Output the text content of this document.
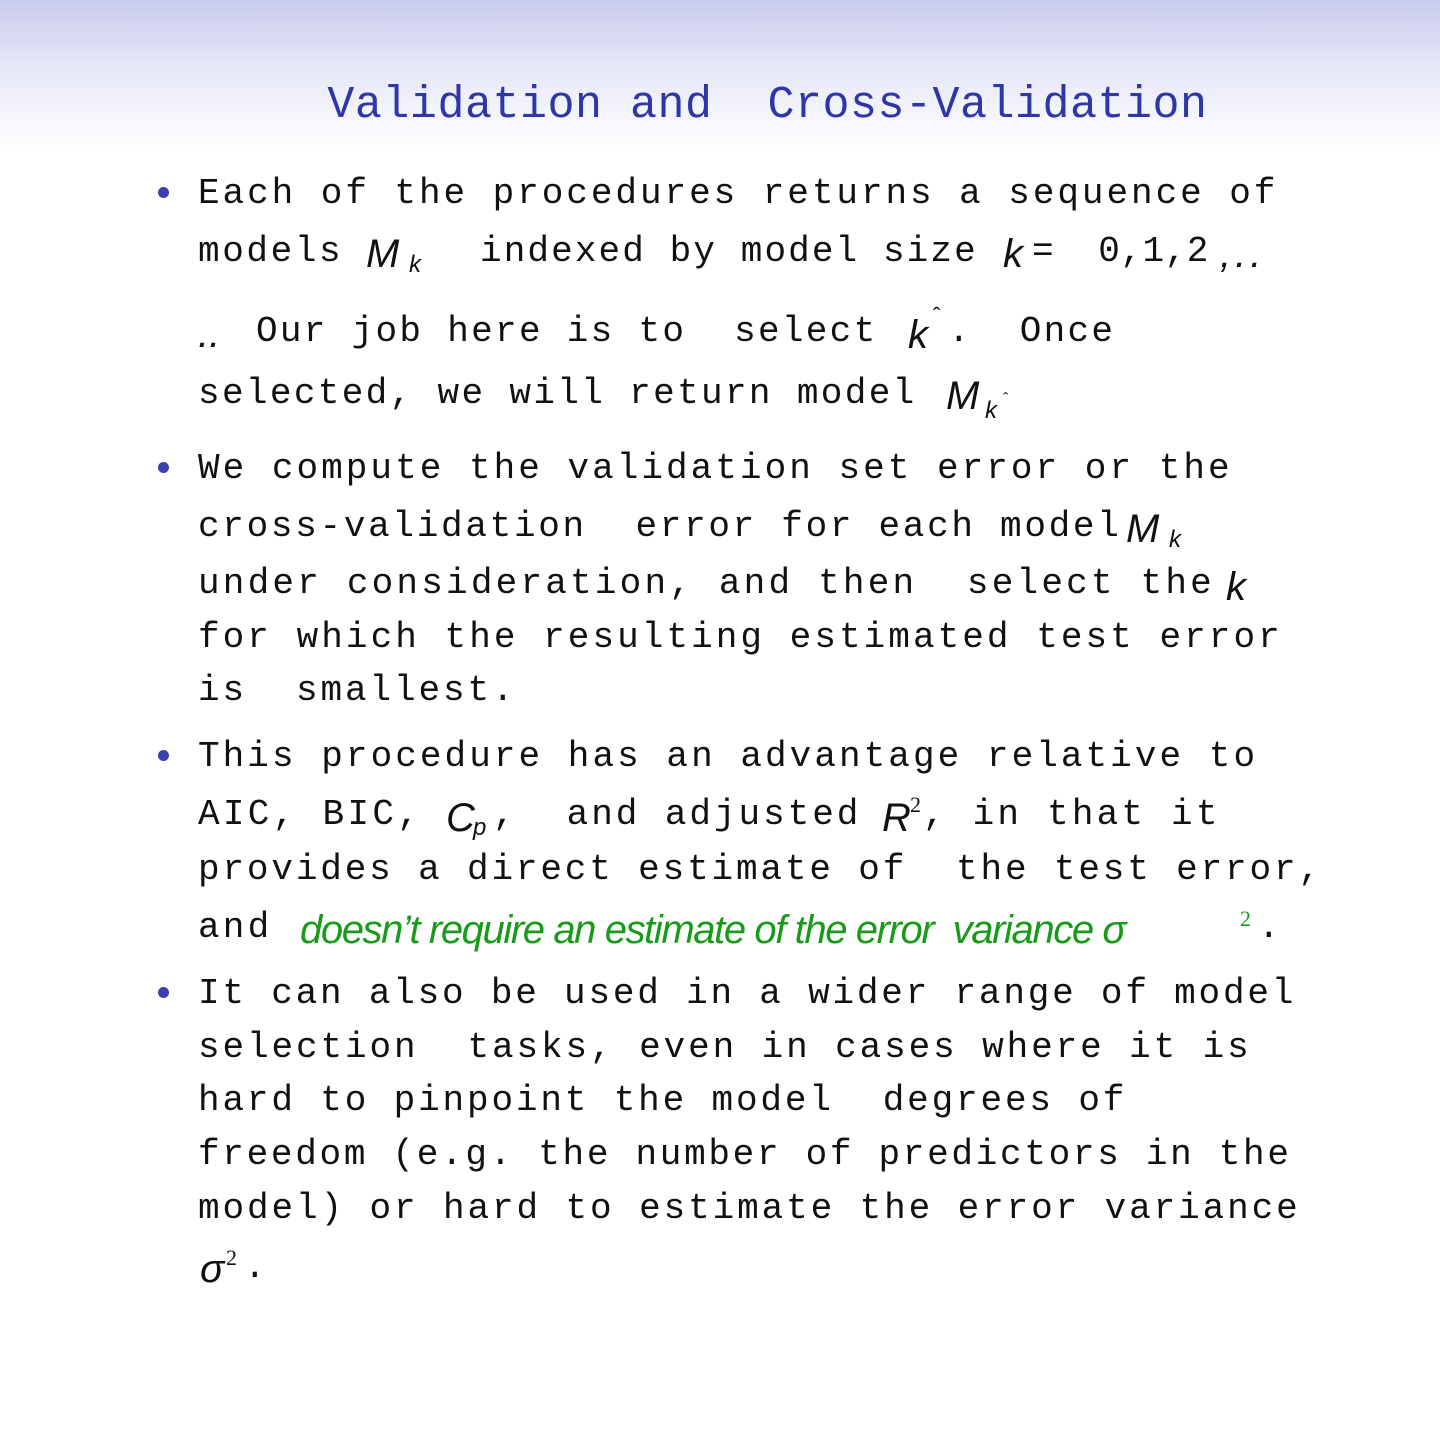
Validation and  Cross-Validation
Each of the procedures returns a sequence of
models M k indexed by model size k =  0,1,2 ,..
.. Our job here is to  select k ˆ .  Once
selected, we will return model M k ˆ
We compute the validation set error or the
cross-validation  error for each model M k
under consideration, and then  select the k
for which the resulting estimated test error
is  smallest.
This procedure has an advantage relative to
AIC, BIC, C
p ,  and adjusted R 2 , in that it
provides a direct estimate of  the test error,
and doesn’t require an estimate of the error  variance σ	2 .
It can also be used in a wider range of model
selection  tasks, even in cases where it is
hard to pinpoint the model  degrees of
freedom (e.g. the number of predictors in the
model) or hard to estimate the error variance
σ 2 .
